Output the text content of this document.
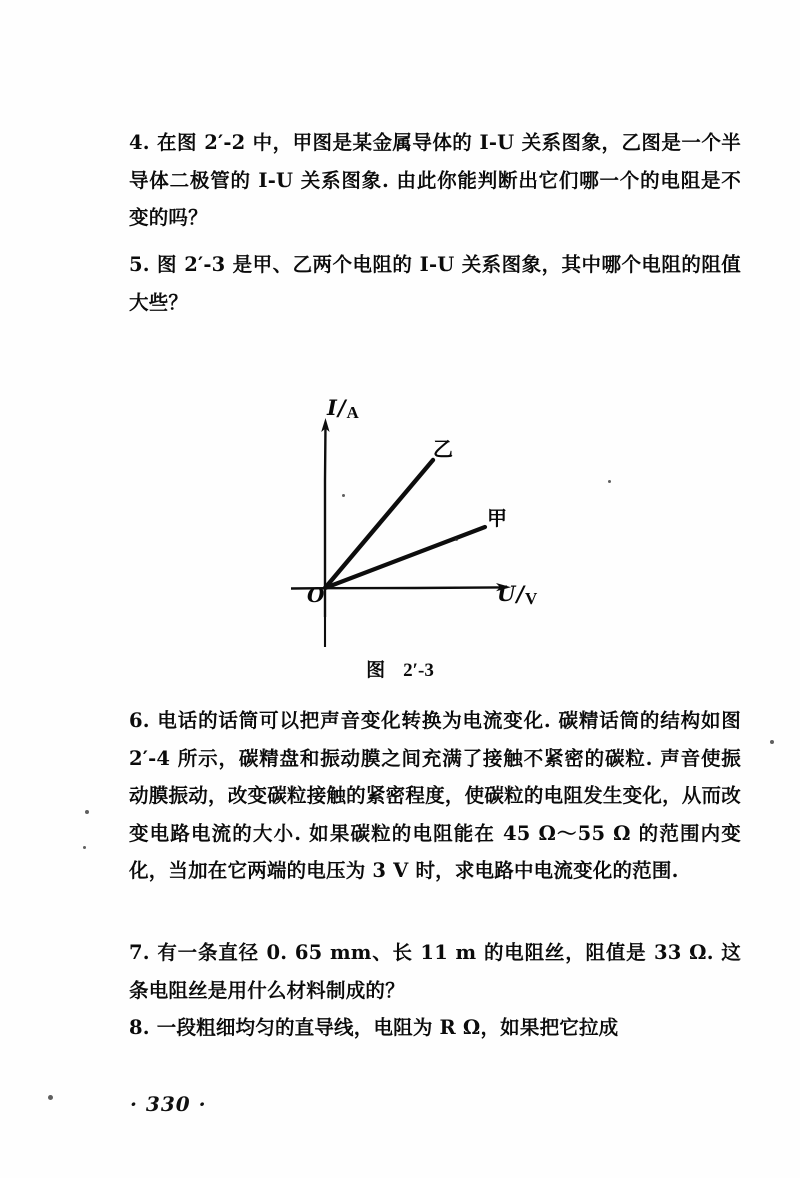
4. 在图 2′-2 中，甲图是某金属导体的 I-U 关系图象，乙图是一个半导体二极管的 I-U 关系图象. 由此你能判断出它们哪一个的电阻是不变的吗？

5. 图 2′-3 是甲、乙两个电阻的 I-U 关系图象，其中哪个电阻的阻值大些？

I/A
U/V
乙
甲
O
图 2′-3

6. 电话的话筒可以把声音变化转换为电流变化. 碳精话筒的结构如图 2′-4 所示，碳精盘和振动膜之间充满了接触不紧密的碳粒. 声音使振动膜振动，改变碳粒接触的紧密程度，使碳粒的电阻发生变化，从而改变电路电流的大小. 如果碳粒的电阻能在 45 Ω～55 Ω 的范围内变化，当加在它两端的电压为 3 V 时，求电路中电流变化的范围.

7. 有一条直径 0. 65 mm、长 11 m 的电阻丝，阻值是 33 Ω. 这条电阻丝是用什么材料制成的？

8. 一段粗细均匀的直导线，电阻为 R Ω，如果把它拉成

· 330 ·
